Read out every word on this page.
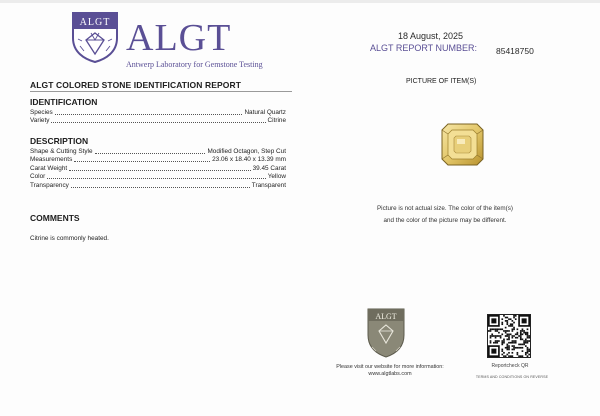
ALGT ALGT
Antwerp Laboratory for Gemstone Testing
ALGT COLORED STONE IDENTIFICATION REPORT
IDENTIFICATION
Species	Natural Quartz
Variety	Citrine
DESCRIPTION
Shape & Cutting Style	Modified Octagon, Step Cut
Measurements	23.06 x 18.40 x 13.39 mm
Carat Weight	39.45 Carat
Color	Yellow
Transparency	Transparent
COMMENTS
Citrine is commonly heated.
18 August, 2025
ALGT REPORT NUMBER: 85418750
PICTURE OF ITEM(S)
Picture is not actual size. The color of the item(s)
and the color of the picture may be different.
ALGT
Please visit our website for more information:
www.algtlabs.com
Reportcheck QR
TERMS AND CONDITIONS ON REVERSE
